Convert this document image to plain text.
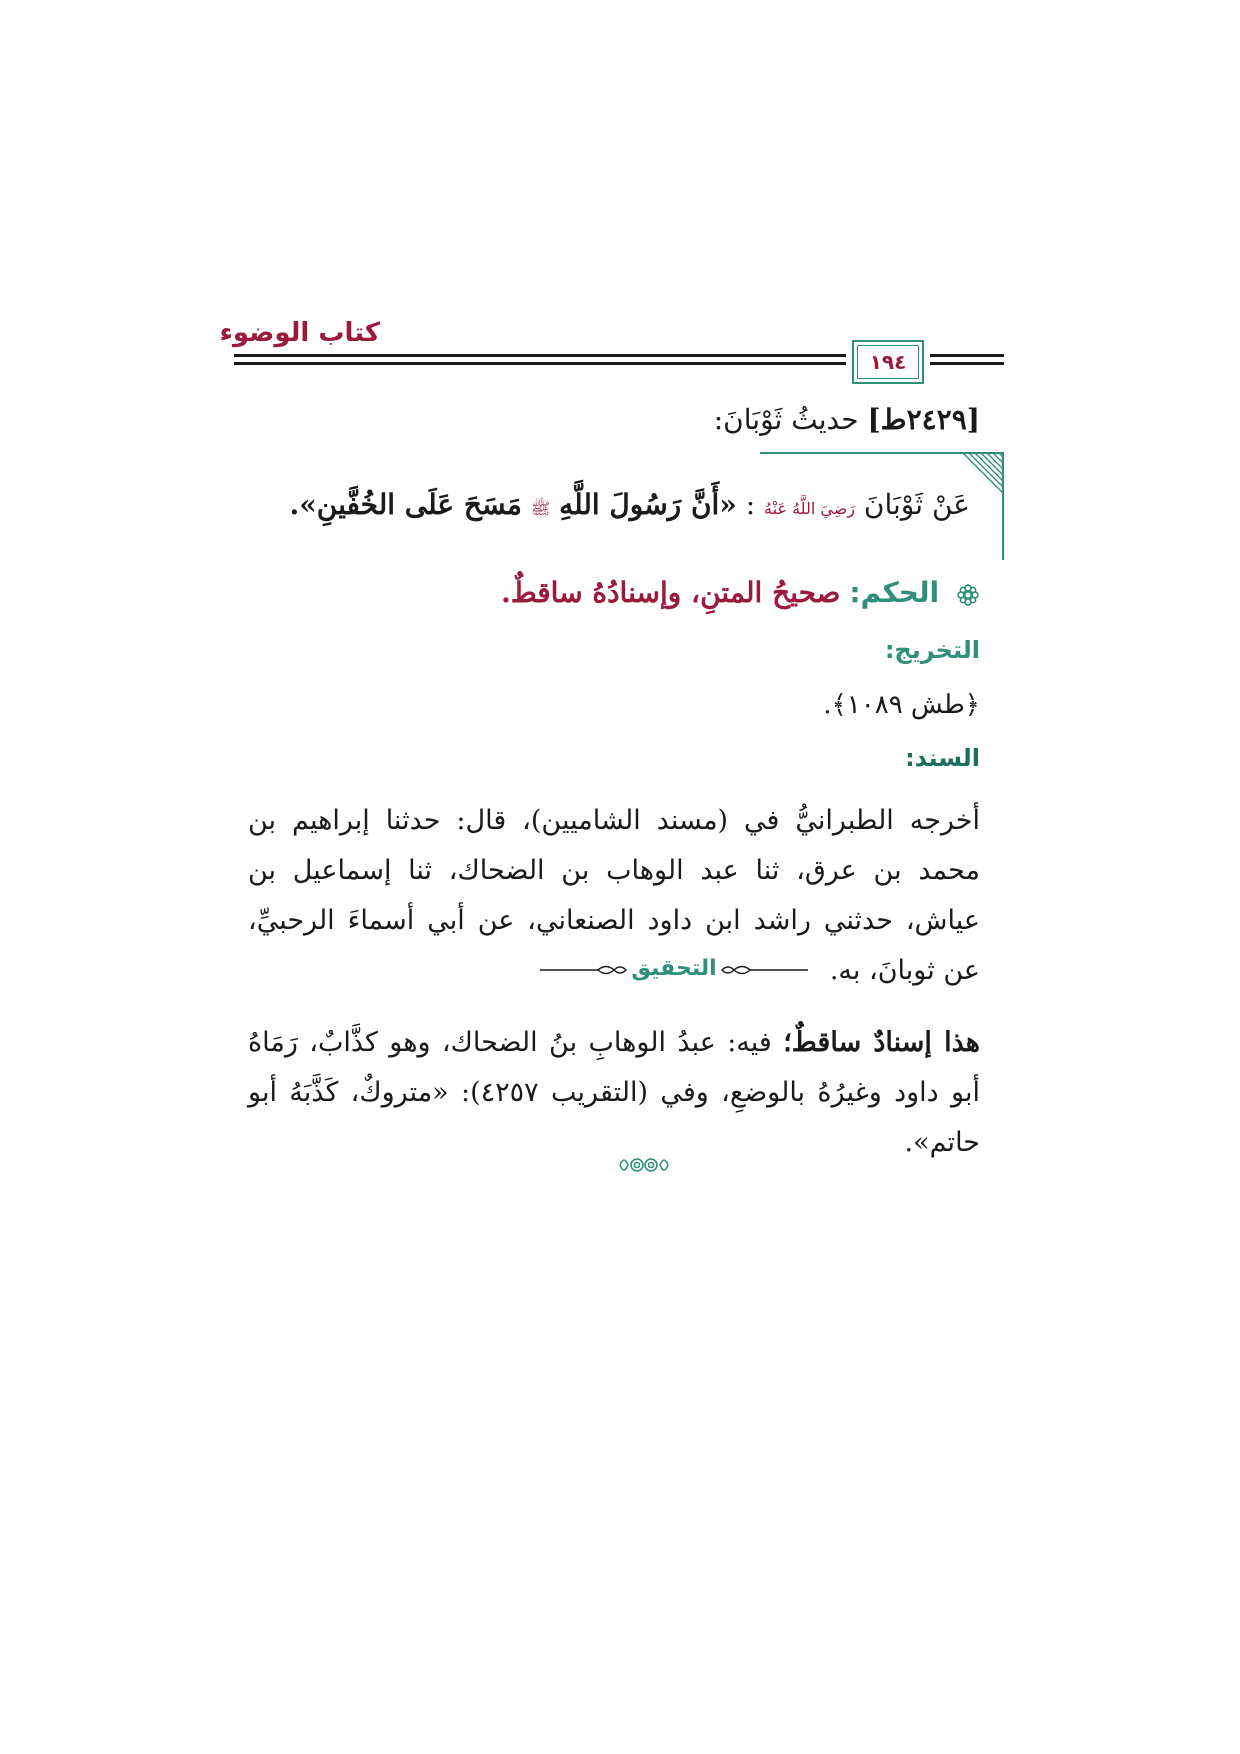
كتاب الوضوء
١٩٤
[٢٤٢٩ط] حديثُ ثَوْبَانَ:
عَنْ ثَوْبَانَ رَضِيَ اللَّهُ عَنْهُ : «أَنَّ رَسُولَ اللَّهِ ﷺ مَسَحَ عَلَى الخُفَّينِ».
الحكم: صحيحُ المتنِ، وإسنادُهُ ساقطٌ.
التخريج:
﴿طش ١٠٨٩﴾.
السند:
أخرجه الطبرانيُّ في (مسند الشاميين)، قال: حدثنا إبراهيم بن محمد بن عرق، ثنا عبد الوهاب بن الضحاك، ثنا إسماعيل بن عياش، حدثني راشد ابن داود الصنعاني، عن أبي أسماءَ الرحبيِّ، عن ثوبانَ، به.
التحقيق
هذا إسنادٌ ساقطٌ؛ فيه: عبدُ الوهابِ بنُ الضحاك، وهو كذَّابٌ، رَمَاهُ أبو داود وغيرُهُ بالوضعِ، وفي (التقريب ٤٢٥٧): «متروكٌ، كَذَّبَهُ أبو حاتم».
